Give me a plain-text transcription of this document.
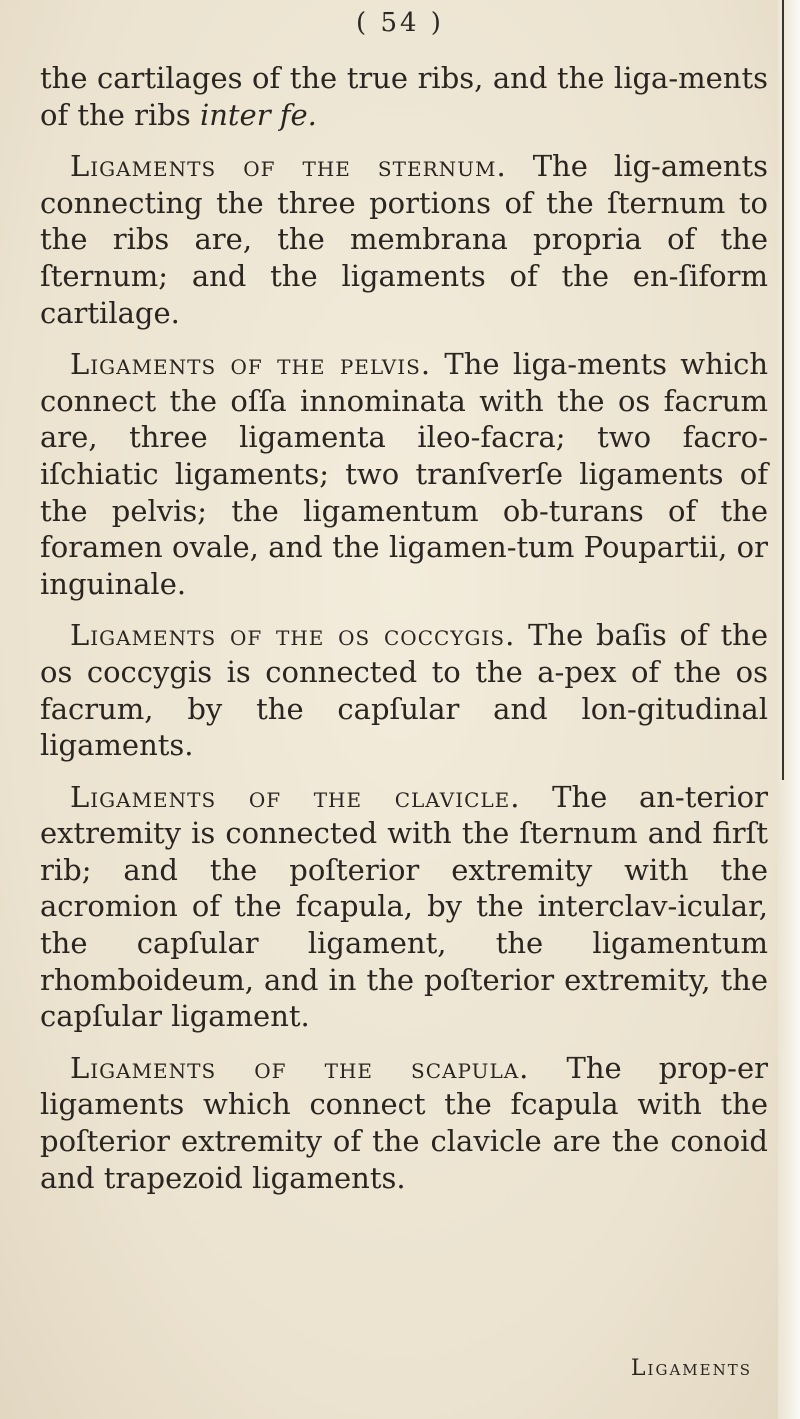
( 54 )

the cartilages of the true ribs, and the liga-ments of the ribs inter fe.

Ligaments of the sternum. The lig-aments connecting the three portions of the ſternum to the ribs are, the membrana propria of the ſternum; and the ligaments of the en-ſiform cartilage.

Ligaments of the pelvis. The liga-ments which connect the oſſa innominata with the os facrum are, three ligamenta ileo-facra; two facro-iſchiatic ligaments; two tranſverſe ligaments of the pelvis; the ligamentum ob-turans of the foramen ovale, and the ligamen-tum Poupartii, or inguinale.

Ligaments of the os coccygis. The baſis of the os coccygis is connected to the a-pex of the os facrum, by the capſular and lon-gitudinal ligaments.

Ligaments of the clavicle. The an-terior extremity is connected with the ſternum and firſt rib; and the poſterior extremity with the acromion of the fcapula, by the interclav-icular, the capſular ligament, the ligamentum rhomboideum, and in the poſterior extremity, the capſular ligament.

Ligaments of the scapula. The prop-er ligaments which connect the fcapula with the poſterior extremity of the clavicle are the conoid and trapezoid ligaments.

Ligaments
